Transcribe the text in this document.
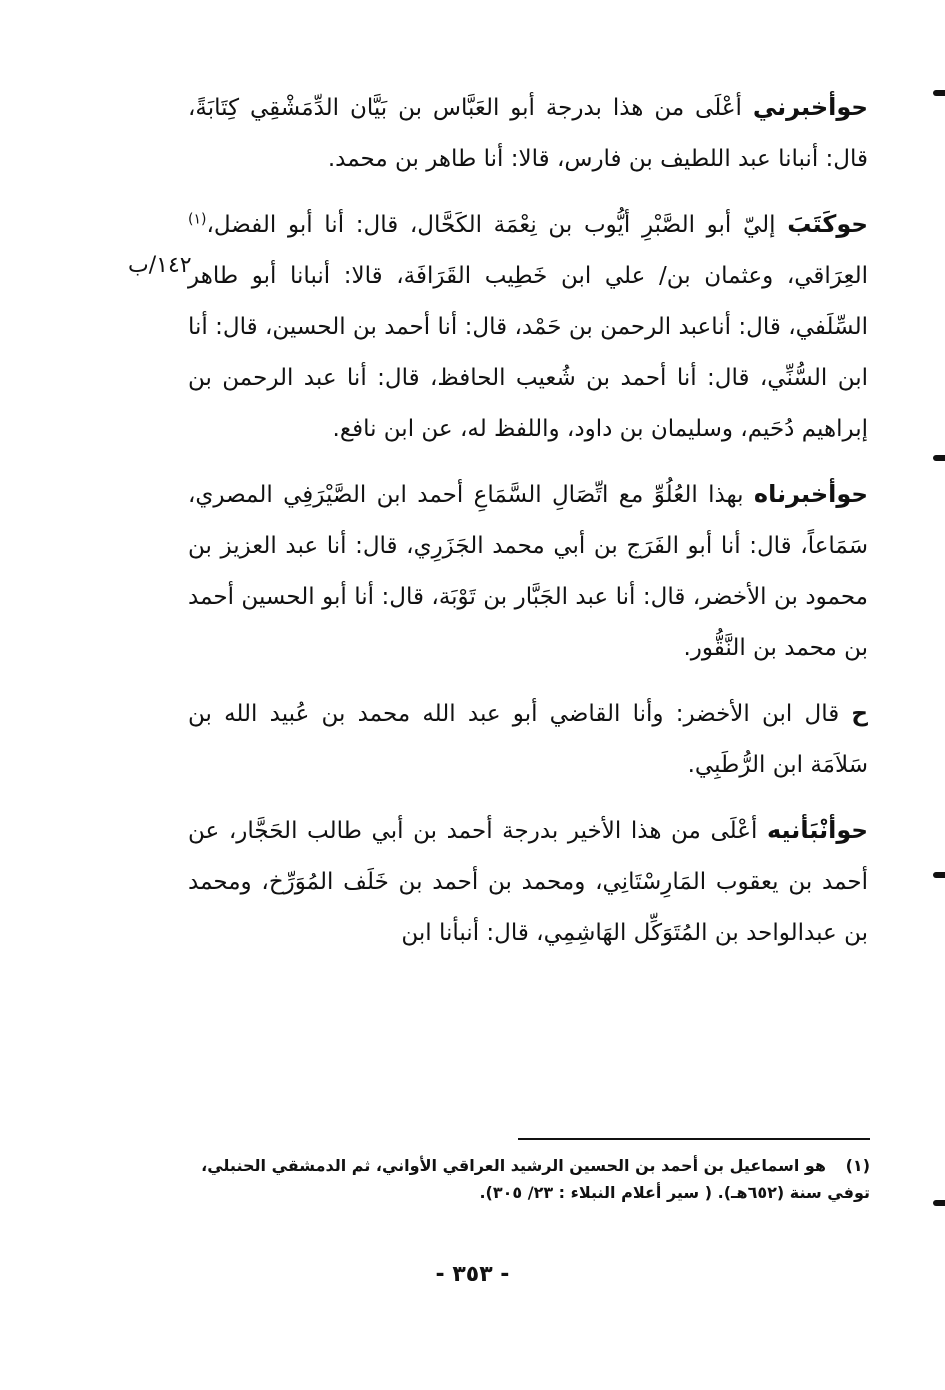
حوأخبرني أعْلَى من هذا بدرجة أبو العَبَّاس بن بَيَّان الدِّمَشْقِي كِتَابَةً، قال: أنبانا عبد اللطيف بن فارس، قالا: أنا طاهر بن محمد.

حوكَتَبَ إليّ أبو الصَّبْرِ أيُّوب بن نِعْمَة الكَحَّال، قال: أنا أبو الفضل،$^{(١)}$ العِرَاقي، وعثمان بن/ علي ابن خَطِيب القَرَافَة، قالا: أنبانا أبو طاهر السِّلَفي، قال: أناعبد الرحمن بن حَمْد، قال: أنا أحمد بن الحسين، قال: أنا ابن السُّنِّي، قال: أنا أحمد بن شُعيب الحافظ، قال: أنا عبد الرحمن بن إبراهيم دُحَيم، وسليمان بن داود، واللفظ له، عن ابن نافع.

حوأخبرناه بهذا العُلُوِّ مع اتِّصَالِ السَّمَاعِ أحمد ابن الصَّيْرَفِي المصري، سَمَاعاً، قال: أنا أبو الفَرَج بن أبي محمد الجَزَرِي، قال: أنا عبد العزيز بن محمود بن الأخضر، قال: أنا عبد الجَبَّار بن تَوْبَة، قال: أنا أبو الحسين أحمد بن محمد بن النَّقُّور.

ح قال ابن الأخضر: وأنا القاضي أبو عبد الله محمد بن عُبيد الله بن سَلاَمَة ابن الرُّطَبِي.

حوأنْبَأنيه أعْلَى من هذا الأخير بدرجة أحمد بن أبي طالب الحَجَّار، عن أحمد بن يعقوب المَارِسْتَانِي، ومحمد بن أحمد بن خَلَف المُوَرِّخ، ومحمد بن عبدالواحد بن المُتَوَكِّل الهَاشِمِي، قال: أنبأنا ابن

١٤٢/ب
(١)هو اسماعيل بن أحمد بن الحسين الرشيد العراقي الأواني، ثم الدمشقي الحنبلي، توفي سنة (٦٥٢هـ). ( سير أعلام النبلاء : ٢٣/ ٣٠٥).
- ٣٥٣ -
